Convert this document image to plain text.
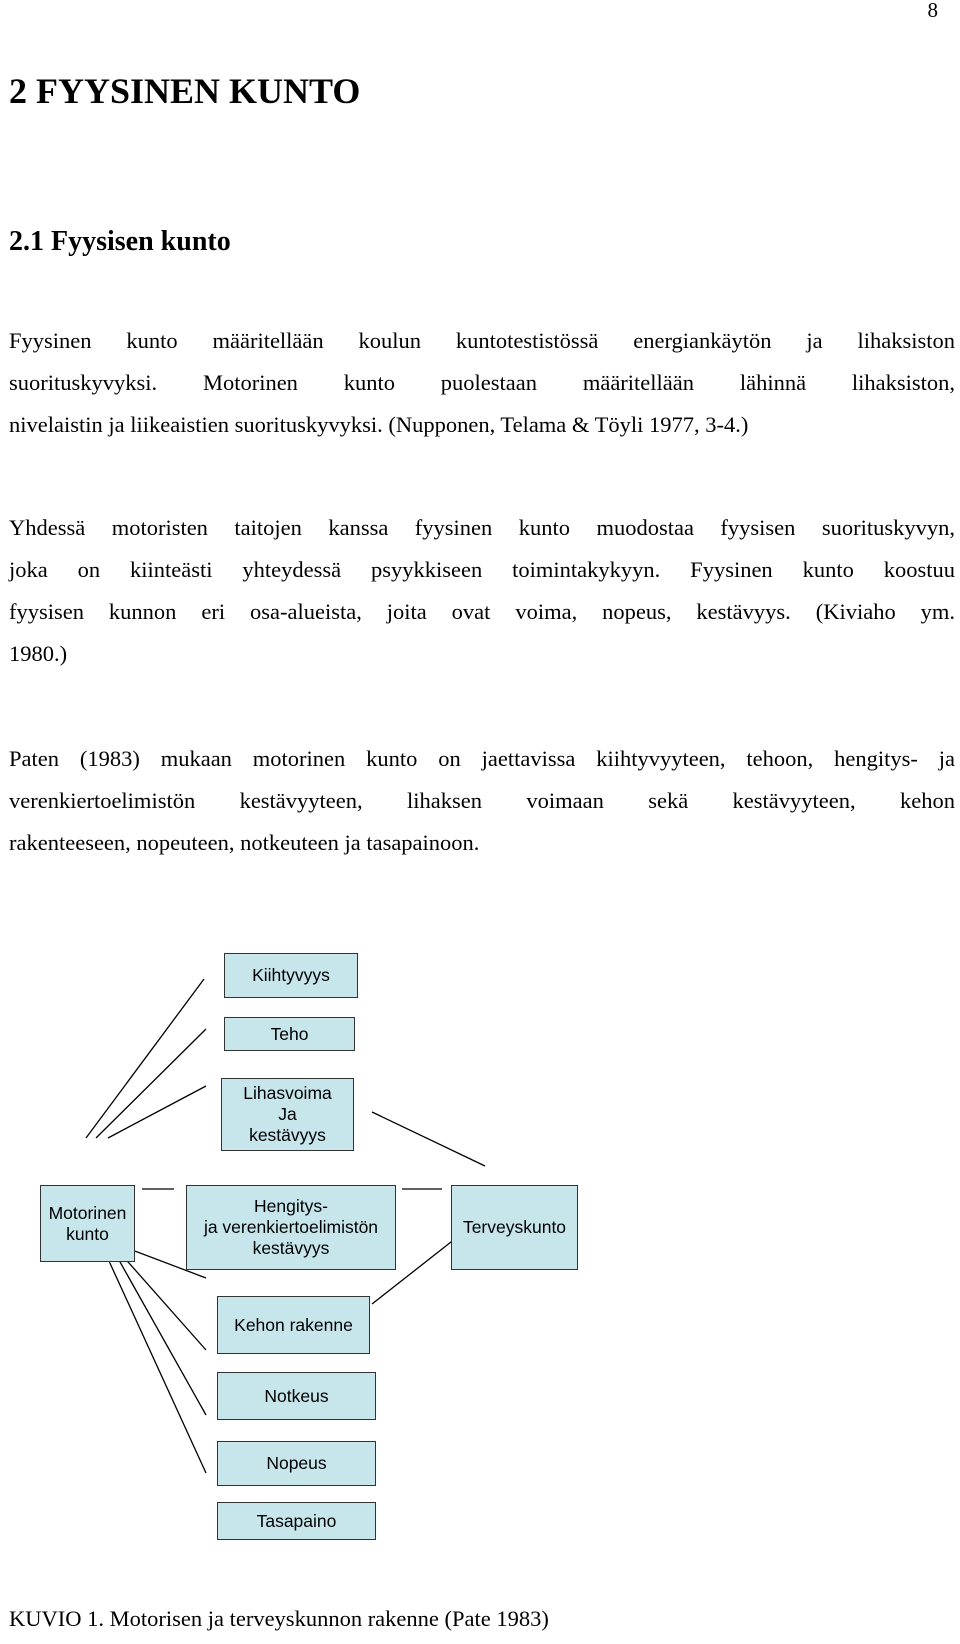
8
2 FYYSINEN KUNTO
2.1 Fyysisen kunto
Fyysinen kunto määritellään koulun kuntotestistössä energiankäytön ja lihaksiston
suorituskyvyksi. Motorinen kunto puolestaan määritellään lähinnä lihaksiston,
nivelaistin ja liikeaistien suorituskyvyksi. (Nupponen, Telama & Töyli 1977, 3-4.)
Yhdessä motoristen taitojen kanssa fyysinen kunto muodostaa fyysisen suorituskyvyn,
joka on kiinteästi yhteydessä psyykkiseen toimintakykyyn. Fyysinen kunto koostuu
fyysisen kunnon eri osa-alueista, joita ovat voima, nopeus, kestävyys. (Kiviaho ym.
1980.)
Paten (1983) mukaan motorinen kunto on jaettavissa kiihtyvyyteen, tehoon, hengitys- ja
verenkiertoelimistön kestävyyteen, lihaksen voimaan sekä kestävyyteen, kehon
rakenteeseen, nopeuteen, notkeuteen ja tasapainoon.
Kiihtyvyys
Teho
Lihasvoima
Ja
kestävyys
Motorinen
kunto
Hengitys-
ja verenkiertoelimistön
kestävyys
Terveyskunto
Kehon rakenne
Notkeus
Nopeus
Tasapaino

KUVIO 1. Motorisen ja terveyskunnon rakenne (Pate 1983)
